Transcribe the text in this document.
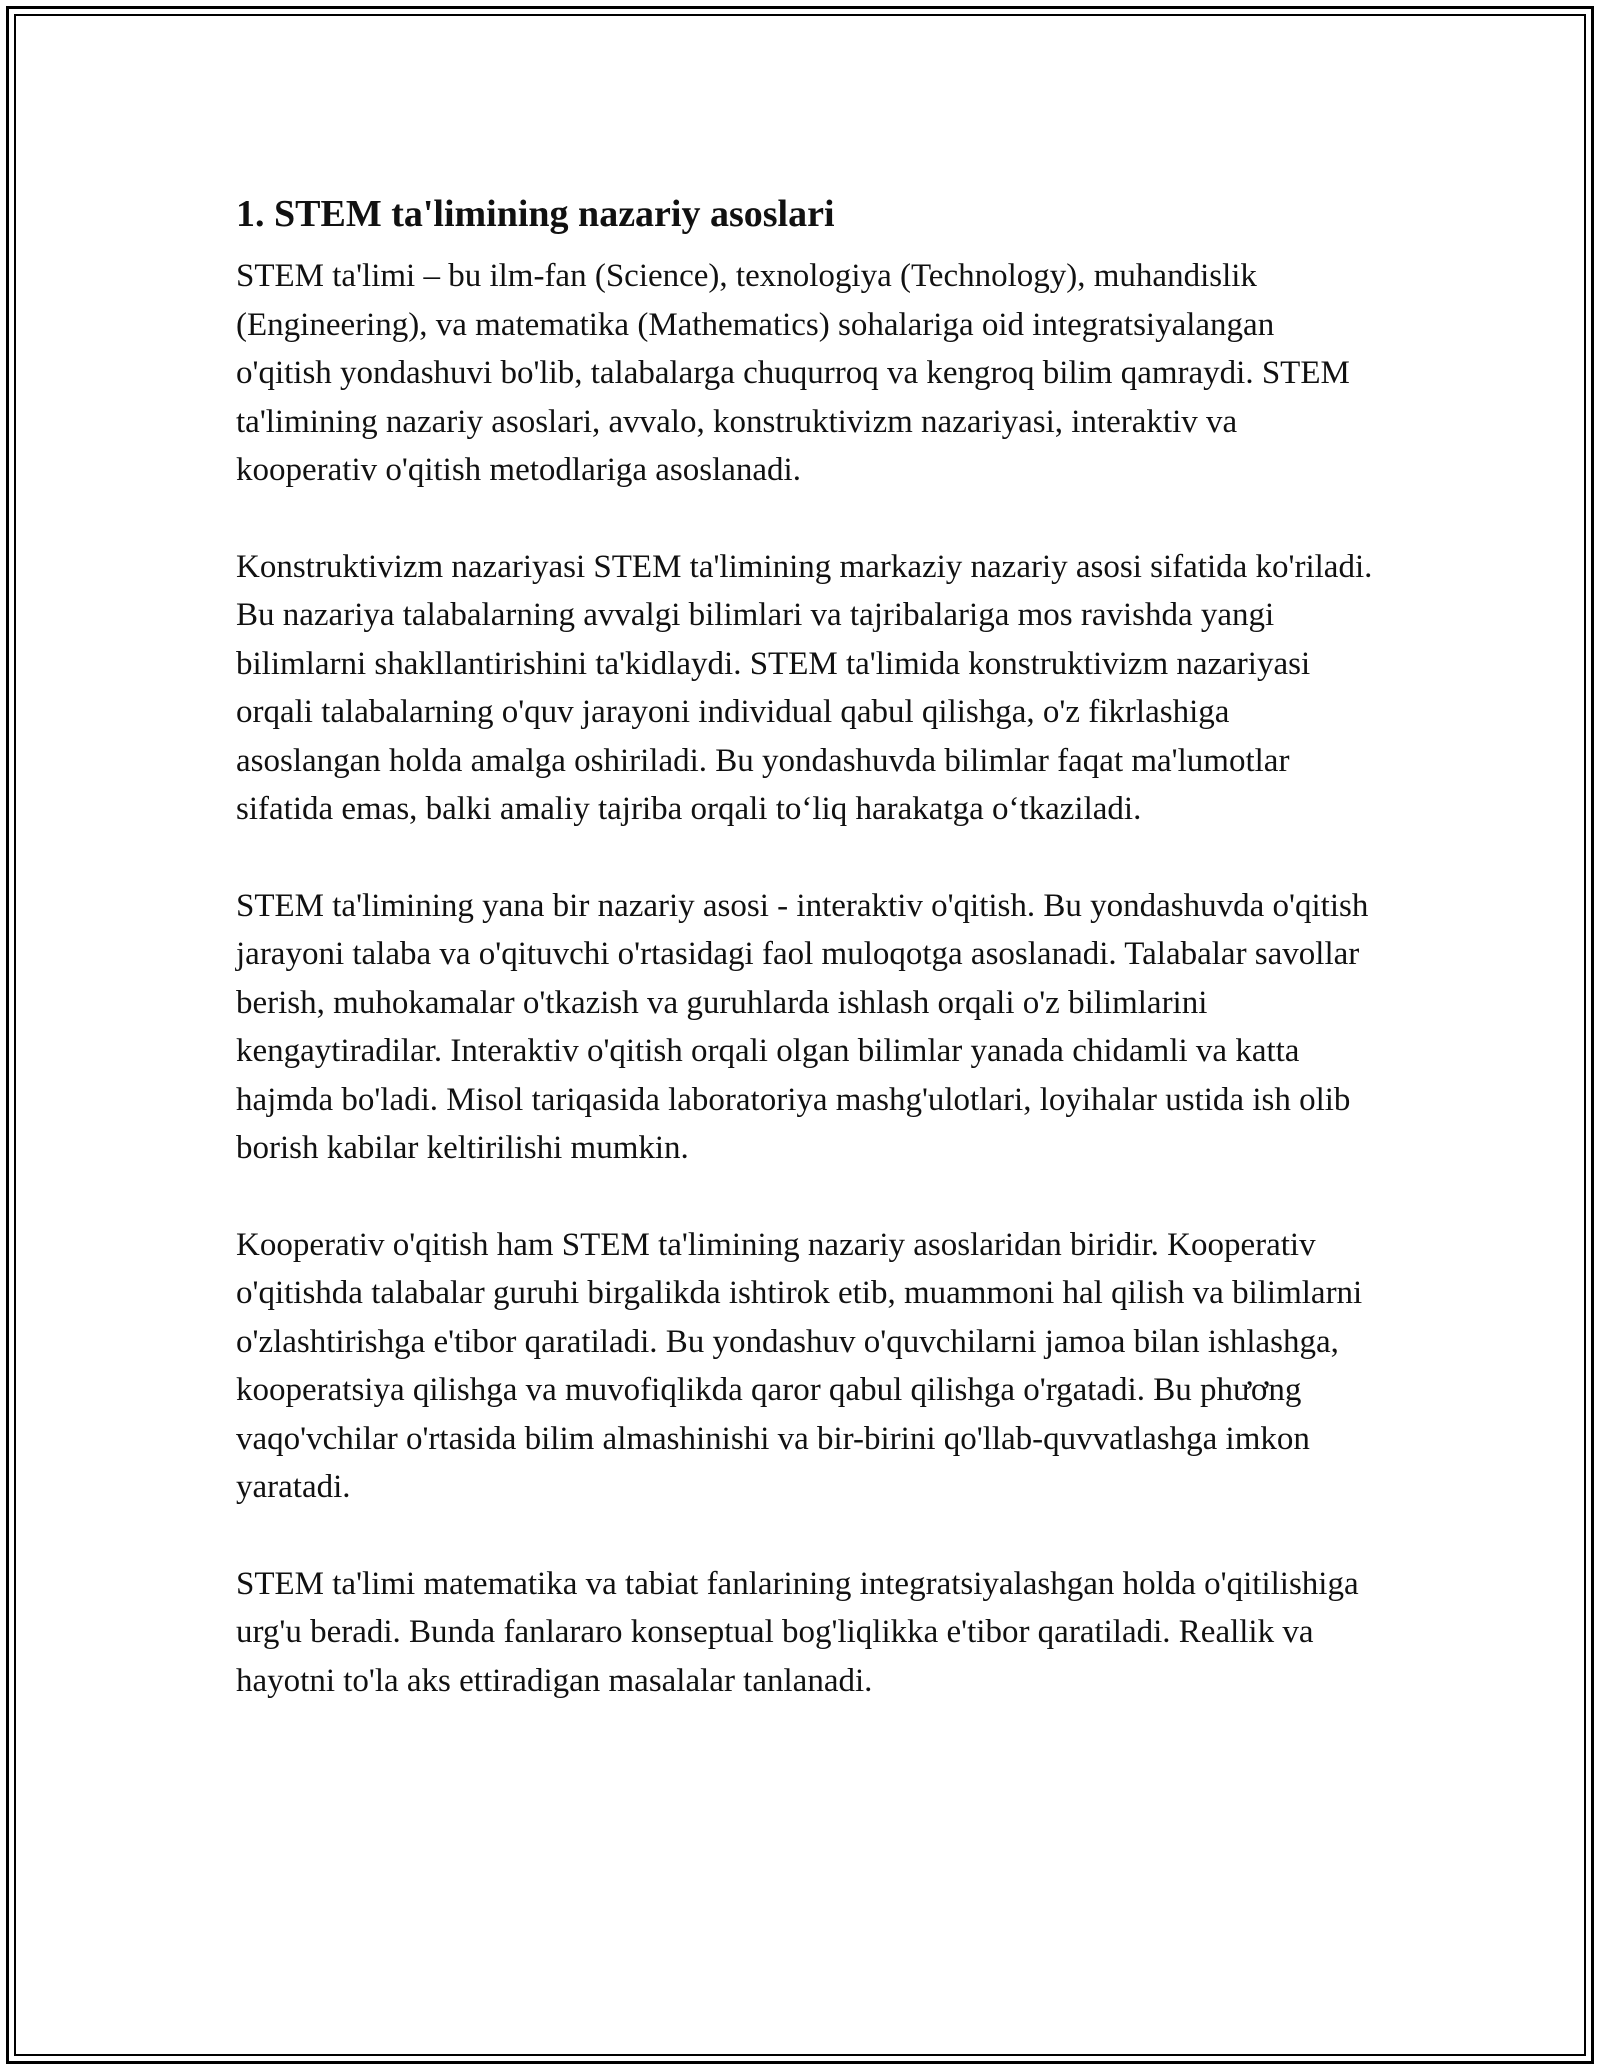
1. STEM ta'limining nazariy asoslari

STEM ta'limi – bu ilm-fan (Science), texnologiya (Technology), muhandislik (Engineering), va matematika (Mathematics) sohalariga oid integratsiyalangan o'qitish yondashuvi bo'lib, talabalarga chuqurroq va kengroq bilim qamraydi. STEM ta'limining nazariy asoslari, avvalo, konstruktivizm nazariyasi, interaktiv va kooperativ o'qitish metodlariga asoslanadi.

Konstruktivizm nazariyasi STEM ta'limining markaziy nazariy asosi sifatida ko'riladi. Bu nazariya talabalarning avvalgi bilimlari va tajribalariga mos ravishda yangi bilimlarni shakllantirishini ta'kidlaydi. STEM ta'limida konstruktivizm nazariyasi orqali talabalarning o'quv jarayoni individual qabul qilishga, o'z fikrlashiga asoslangan holda amalga oshiriladi. Bu yondashuvda bilimlar faqat ma'lumotlar sifatida emas, balki amaliy tajriba orqali to‘liq harakatga o‘tkaziladi.

STEM ta'limining yana bir nazariy asosi - interaktiv o'qitish. Bu yondashuvda o'qitish jarayoni talaba va o'qituvchi o'rtasidagi faol muloqotga asoslanadi. Talabalar savollar berish, muhokamalar o'tkazish va guruhlarda ishlash orqali o'z bilimlarini kengaytiradilar. Interaktiv o'qitish orqali olgan bilimlar yanada chidamli va katta hajmda bo'ladi. Misol tariqasida laboratoriya mashg'ulotlari, loyihalar ustida ish olib borish kabilar keltirilishi mumkin.

Kooperativ o'qitish ham STEM ta'limining nazariy asoslaridan biridir. Kooperativ o'qitishda talabalar guruhi birgalikda ishtirok etib, muammoni hal qilish va bilimlarni o'zlashtirishga e'tibor qaratiladi. Bu yondashuv o'quvchilarni jamoa bilan ishlashga, kooperatsiya qilishga va muvofiqlikda qaror qabul qilishga o'rgatadi. Bu phương vaqo'vchilar o'rtasida bilim almashinishi va bir-birini qo'llab-quvvatlashga imkon yaratadi.

STEM ta'limi matematika va tabiat fanlarining integratsiyalashgan holda o'qitilishiga urg'u beradi. Bunda fanlararo konseptual bog'liqlikka e'tibor qaratiladi. Reallik va hayotni to'la aks ettiradigan masalalar tanlanadi.
